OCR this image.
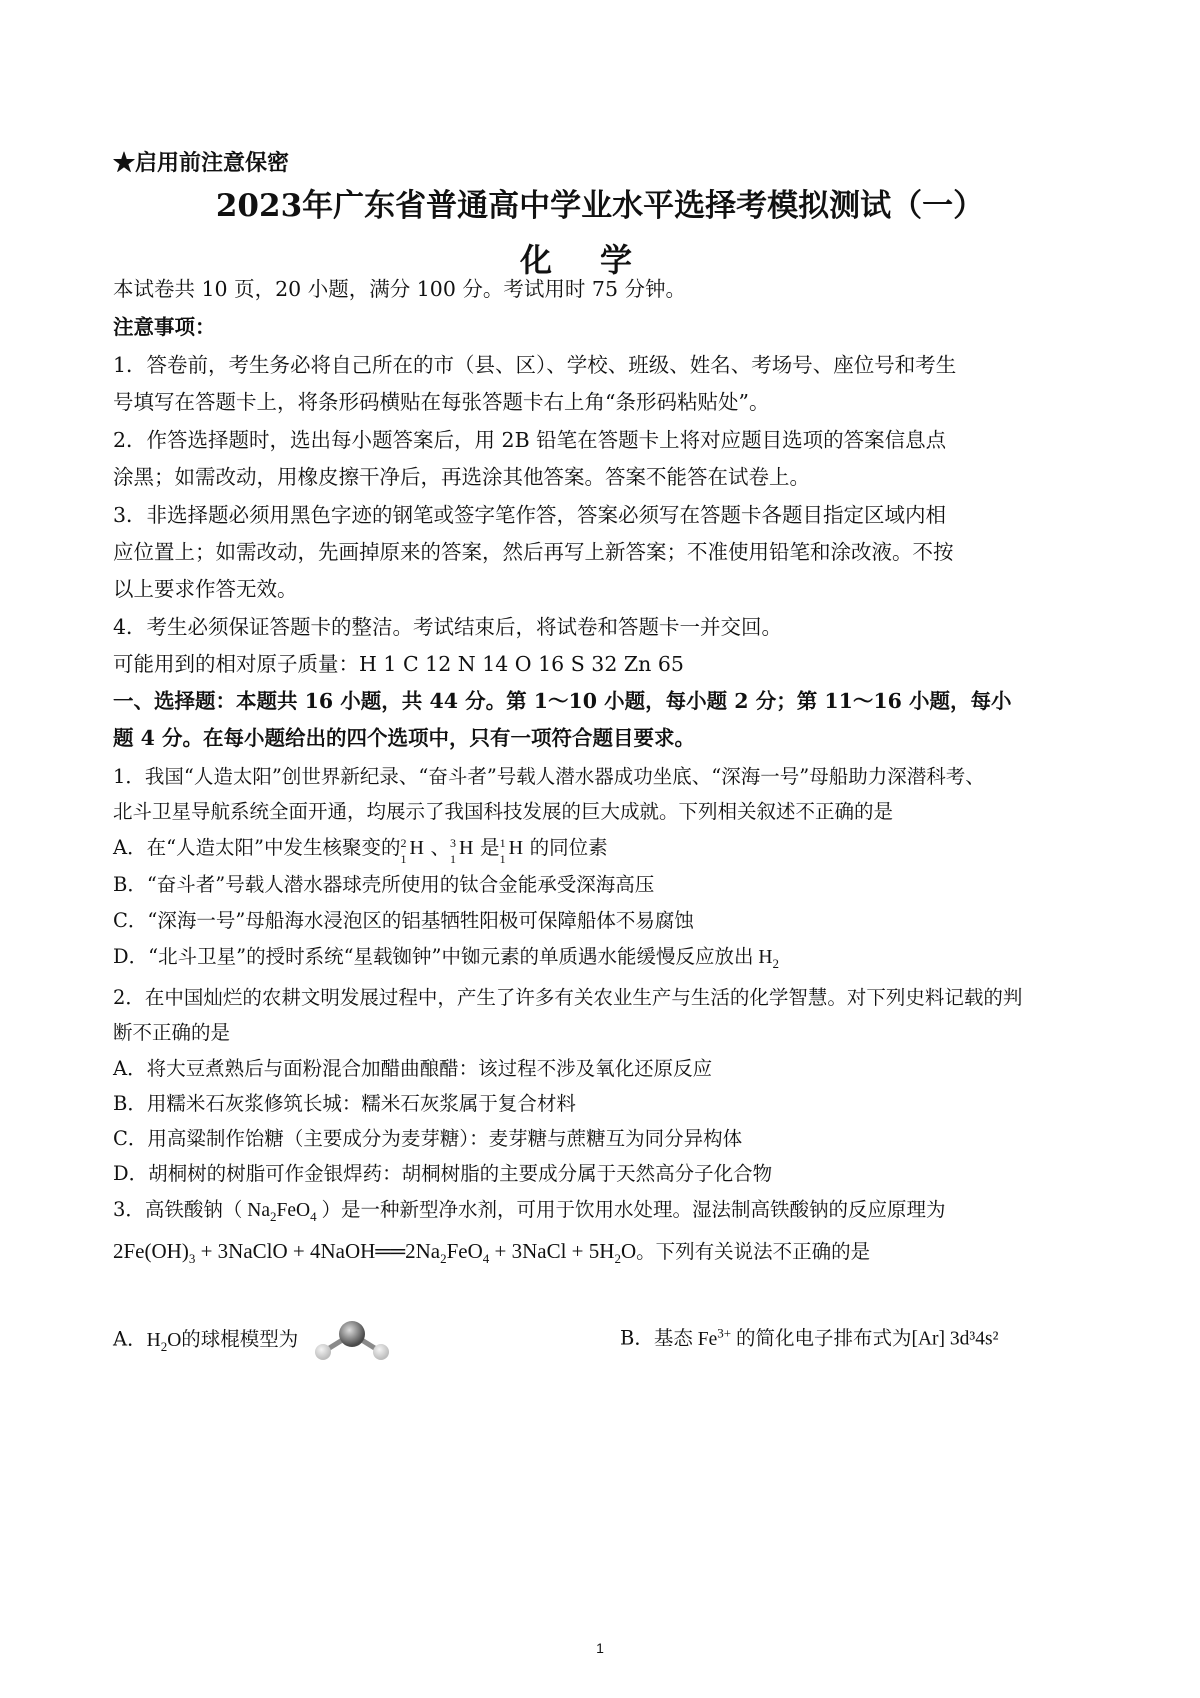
★启用前注意保密
2023年广东省普通高中学业水平选择考模拟测试（一）
化学
本试卷共 10 页，20 小题，满分 100 分。考试用时 75 分钟。
注意事项：
1．答卷前，考生务必将自己所在的市（县、区）、学校、班级、姓名、考场号、座位号和考生
号填写在答题卡上，将条形码横贴在每张答题卡右上角“条形码粘贴处”。
2．作答选择题时，选出每小题答案后，用 2B 铅笔在答题卡上将对应题目选项的答案信息点
涂黑；如需改动，用橡皮擦干净后，再选涂其他答案。答案不能答在试卷上。
3．非选择题必须用黑色字迹的钢笔或签字笔作答，答案必须写在答题卡各题目指定区域内相
应位置上；如需改动，先画掉原来的答案，然后再写上新答案；不准使用铅笔和涂改液。不按
以上要求作答无效。
4．考生必须保证答题卡的整洁。考试结束后，将试卷和答题卡一并交回。
可能用到的相对原子质量：H 1 C 12 N 14 O 16 S 32 Zn 65
一、选择题：本题共 16 小题，共 44 分。第 1～10 小题，每小题 2 分；第 11～16 小题，每小
题 4 分。在每小题给出的四个选项中，只有一项符合题目要求。
1．我国“人造太阳”创世界新纪录、“奋斗者”号载人潜水器成功坐底、“深海一号”母船助力深潜科考、
北斗卫星导航系统全面开通，均展示了我国科技发展的巨大成就。下列相关叙述不正确的是
A．在“人造太阳”中发生核聚变的 2
1 H 、 3
1 H 是 1
1 H 的同位素
B．“奋斗者”号载人潜水器球壳所使用的钛合金能承受深海高压
C．“深海一号”母船海水浸泡区的铝基牺牲阳极可保障船体不易腐蚀
D．“北斗卫星”的授时系统“星载铷钟”中铷元素的单质遇水能缓慢反应放出 $H_2$
2．在中国灿烂的农耕文明发展过程中，产生了许多有关农业生产与生活的化学智慧。对下列史料记载的判
断不正确的是
A．将大豆煮熟后与面粉混合加醋曲酿醋：该过程不涉及氧化还原反应
B．用糯米石灰浆修筑长城：糯米石灰浆属于复合材料
C．用高粱制作饴糖（主要成分为麦芽糖）：麦芽糖与蔗糖互为同分异构体
D．胡桐树的树脂可作金银焊药：胡桐树脂的主要成分属于天然高分子化合物
3．高铁酸钠（ $Na_2FeO_4$ ）是一种新型净水剂，可用于饮用水处理。湿法制高铁酸钠的反应原理为
$2Fe(OH)_3$ + 3NaClO + $4NaOH══2Na_2FeO_4$ + 3NaCl + $5H_2O$。下列有关说法不正确的是
A．$H_2O$的球棍模型为	B．基态 $Fe^{3+}$ 的简化电子排布式为[Ar] 3d³4s²
1
